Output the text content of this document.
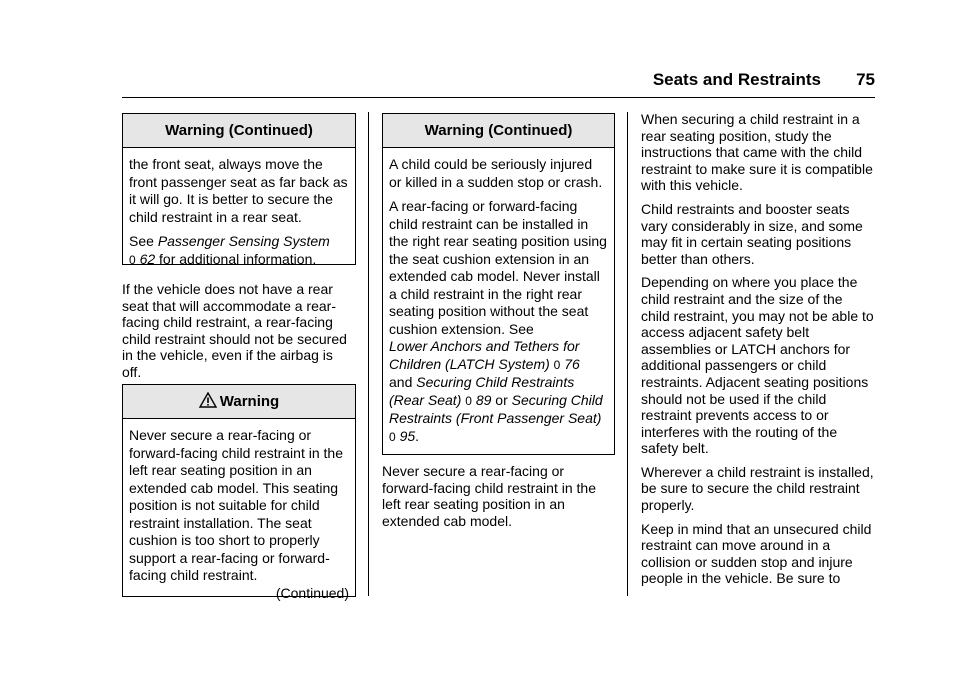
Seats and Restraints 75
Warning (Continued)

the front seat, always move the front passenger seat as far back as it will go. It is better to secure the child restraint in a rear seat.

See Passenger Sensing System
0 62 for additional information.

If the vehicle does not have a rear seat that will accommodate a rear-facing child restraint, a rear-facing child restraint should not be secured in the vehicle, even if the airbag is off.

Warning

Never secure a rear-facing or forward-facing child restraint in the left rear seating position in an extended cab model. This seating position is not suitable for child restraint installation. The seat cushion is too short to properly support a rear-facing or forward-facing child restraint.

(Continued)
Warning (Continued)

A child could be seriously injured or killed in a sudden stop or crash.

A rear-facing or forward-facing child restraint can be installed in the right rear seating position using the seat cushion extension in an extended cab model. Never install a child restraint in the right rear seating position without the seat cushion extension. See
Lower Anchors and Tethers for Children (LATCH System) 0 76
and Securing Child Restraints (Rear Seat) 0 89 or Securing Child Restraints (Front Passenger Seat) 0 95.

Never secure a rear-facing or forward-facing child restraint in the left rear seating position in an extended cab model.

When securing a child restraint in a rear seating position, study the instructions that came with the child restraint to make sure it is compatible with this vehicle.

Child restraints and booster seats vary considerably in size, and some may fit in certain seating positions better than others.

Depending on where you place the child restraint and the size of the child restraint, you may not be able to access adjacent safety belt assemblies or LATCH anchors for additional passengers or child restraints. Adjacent seating positions should not be used if the child restraint prevents access to or interferes with the routing of the safety belt.

Wherever a child restraint is installed, be sure to secure the child restraint properly.

Keep in mind that an unsecured child restraint can move around in a collision or sudden stop and injure people in the vehicle. Be sure to
